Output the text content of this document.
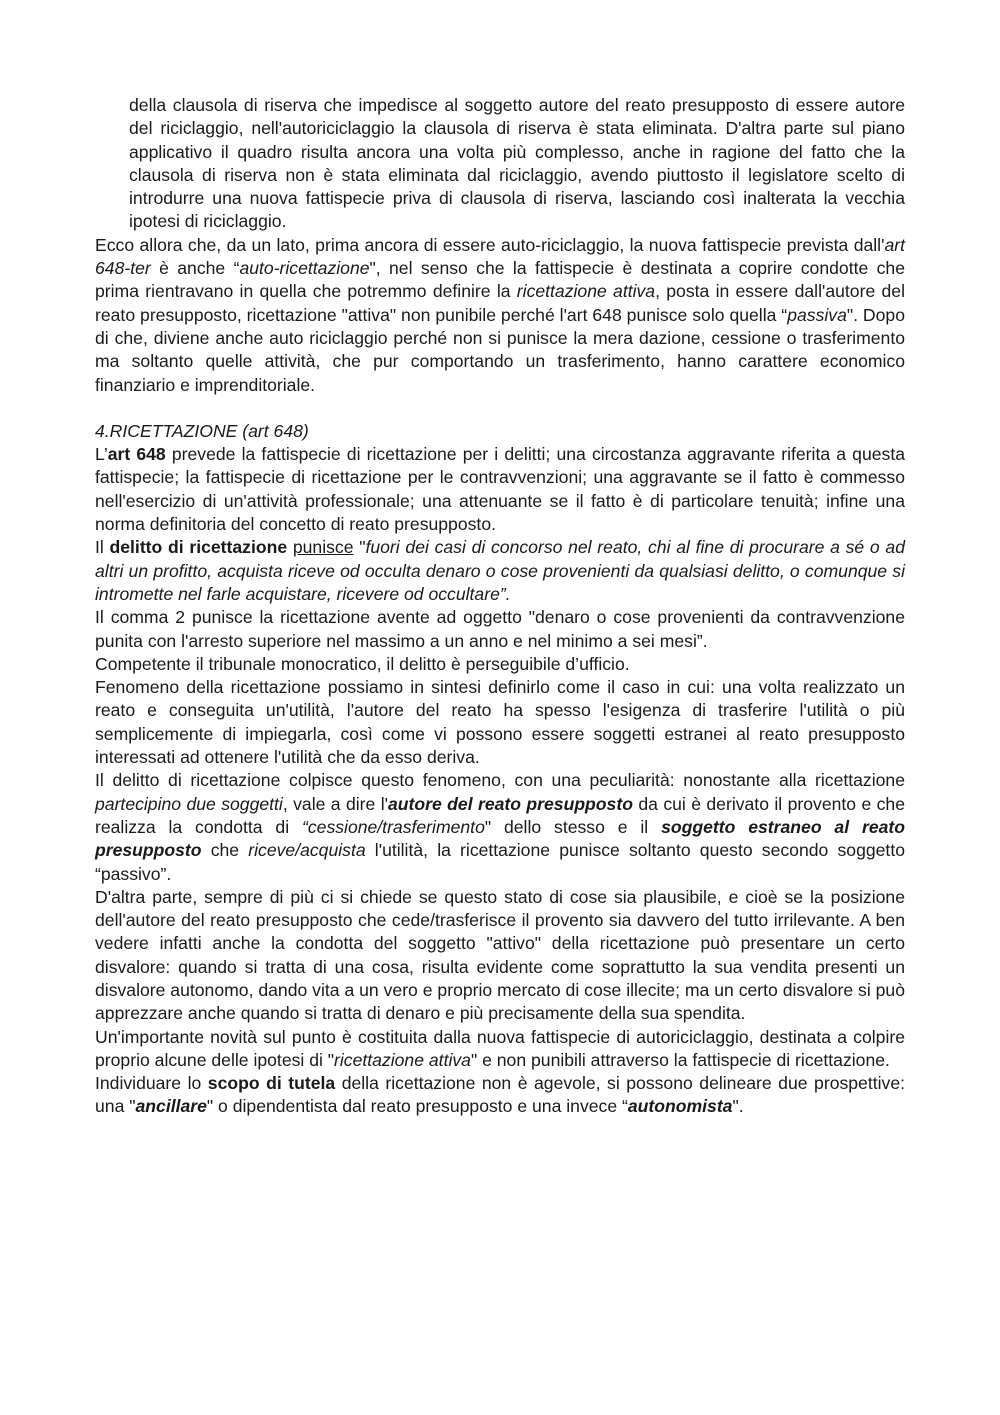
della clausola di riserva che impedisce al soggetto autore del reato presupposto di essere autore del riciclaggio, nell'autoriciclaggio la clausola di riserva è stata eliminata. D'altra parte sul piano applicativo il quadro risulta ancora una volta più complesso, anche in ragione del fatto che la clausola di riserva non è stata eliminata dal riciclaggio, avendo piuttosto il legislatore scelto di introdurre una nuova fattispecie priva di clausola di riserva, lasciando così inalterata la vecchia ipotesi di riciclaggio.

Ecco allora che, da un lato, prima ancora di essere auto-riciclaggio, la nuova fattispecie prevista dall'art 648-ter è anche “auto-ricettazione", nel senso che la fattispecie è destinata a coprire condotte che prima rientravano in quella che potremmo definire la ricettazione attiva, posta in essere dall'autore del reato presupposto, ricettazione "attiva" non punibile perché l'art 648 punisce solo quella “passiva". Dopo di che, diviene anche auto riciclaggio perché non si punisce la mera dazione, cessione o trasferimento ma soltanto quelle attività, che pur comportando un trasferimento, hanno carattere economico finanziario e imprenditoriale.

4.RICETTAZIONE (art 648)

L’art 648 prevede la fattispecie di ricettazione per i delitti; una circostanza aggravante riferita a questa fattispecie; la fattispecie di ricettazione per le contravvenzioni; una aggravante se il fatto è commesso nell'esercizio di un'attività professionale; una attenuante se il fatto è di particolare tenuità; infine una norma definitoria del concetto di reato presupposto.

Il delitto di ricettazione punisce "fuori dei casi di concorso nel reato, chi al fine di procurare a sé o ad altri un profitto, acquista riceve od occulta denaro o cose provenienti da qualsiasi delitto, o comunque si intromette nel farle acquistare, ricevere od occultare”.

Il comma 2 punisce la ricettazione avente ad oggetto "denaro o cose provenienti da contravvenzione punita con l'arresto superiore nel massimo a un anno e nel minimo a sei mesi”.

Competente il tribunale monocratico, il delitto è perseguibile d’ufficio.

Fenomeno della ricettazione possiamo in sintesi definirlo come il caso in cui: una volta realizzato un reato e conseguita un'utilità, l'autore del reato ha spesso l'esigenza di trasferire l'utilità o più semplicemente di impiegarla, così come vi possono essere soggetti estranei al reato presupposto interessati ad ottenere l'utilità che da esso deriva.

Il delitto di ricettazione colpisce questo fenomeno, con una peculiarità: nonostante alla ricettazione partecipino due soggetti, vale a dire l'autore del reato presupposto da cui è derivato il provento e che realizza la condotta di “cessione/trasferimento" dello stesso e il soggetto estraneo al reato presupposto che riceve/acquista l'utilità, la ricettazione punisce soltanto questo secondo soggetto “passivo”.

D'altra parte, sempre di più ci si chiede se questo stato di cose sia plausibile, e cioè se la posizione dell'autore del reato presupposto che cede/trasferisce il provento sia davvero del tutto irrilevante. A ben vedere infatti anche la condotta del soggetto "attivo" della ricettazione può presentare un certo disvalore: quando si tratta di una cosa, risulta evidente come soprattutto la sua vendita presenti un disvalore autonomo, dando vita a un vero e proprio mercato di cose illecite; ma un certo disvalore si può apprezzare anche quando si tratta di denaro e più precisamente della sua spendita.

Un'importante novità sul punto è costituita dalla nuova fattispecie di autoriciclaggio, destinata a colpire proprio alcune delle ipotesi di "ricettazione attiva" e non punibili attraverso la fattispecie di ricettazione.

Individuare lo scopo di tutela della ricettazione non è agevole, si possono delineare due prospettive: una "ancillare" o dipendentista dal reato presupposto e una invece “autonomista".
